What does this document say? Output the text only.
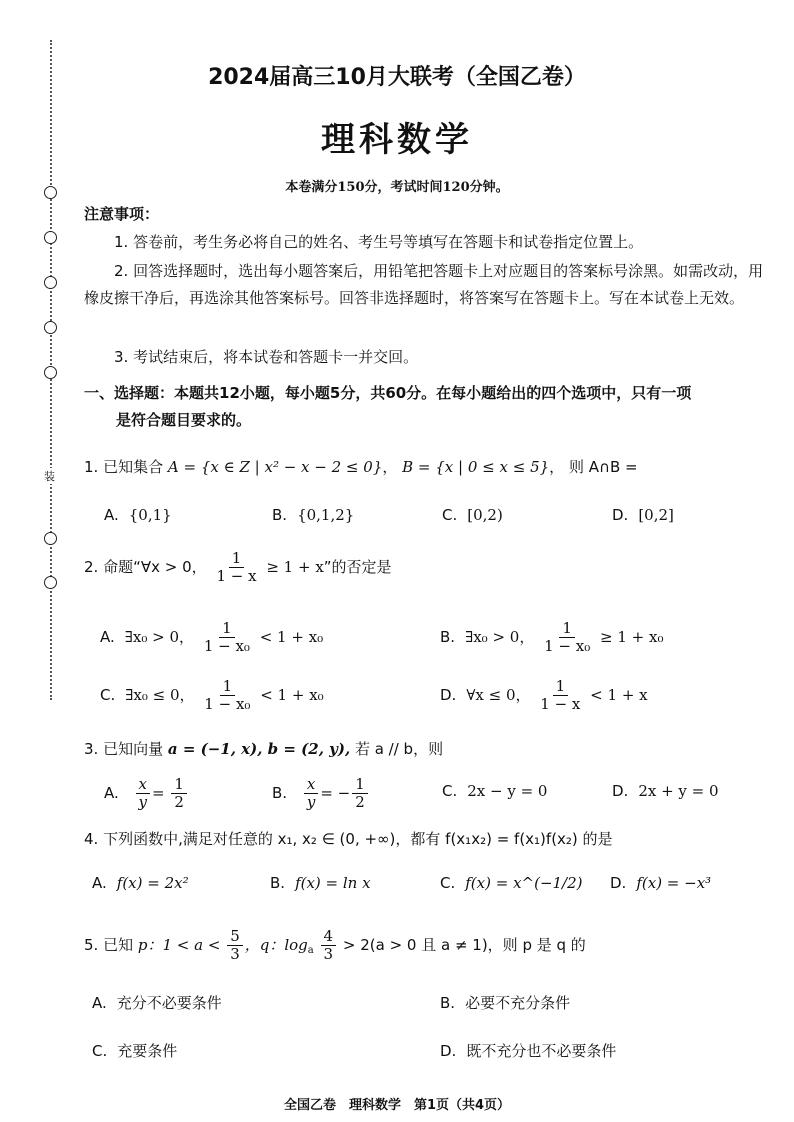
装
2024届高三10月大联考（全国乙卷）
理科数学
本卷满分150分，考试时间120分钟。
注意事项：
1. 答卷前，考生务必将自己的姓名、考生号等填写在答题卡和试卷指定位置上。
2. 回答选择题时，选出每小题答案后，用铅笔把答题卡上对应题目的答案标号涂黑。如需改动，用橡皮擦干净后，再选涂其他答案标号。回答非选择题时，将答案写在答题卡上。写在本试卷上无效。
3. 考试结束后，将本试卷和答题卡一并交回。
一、选择题：本题共12小题，每小题5分，共60分。在每小题给出的四个选项中，只有一项
是符合题目要求的。
1. 已知集合 A = {x ∈ Z | x² − x − 2 ≤ 0}， B = {x | 0 ≤ x ≤ 5}， 则 A∩B =
A. {0,1}	B. {0,1,2}	C. [0,2)	D. [0,2]
2. 命题“∀x > 0， $\frac{1}{1 - x} \ge 1 + x$”的否定是
A. ∃x₀ > 0， $\frac{1}{\text{1 − x₀}} < 1 + x_0$	B. ∃x₀ > 0， $\frac{1}{\text{1 − x₀}} \ge 1 + x_0$
C. ∃x₀ ≤ 0， $\frac{1}{\text{1 − x₀}} < 1 + x_0$	D. ∀x ≤ 0， $\frac{1}{1 - x} < 1 + x$
3. 已知向量 a = (−1, x), b = (2, y), 若 a // b，则
A. $\frac{x}{y} = \frac{1}{2}$	B. $\frac{x}{y}$ = − $\frac{1}{2}$	C. 2x − y = 0	D. 2x + y = 0
4. 下列函数中,满足对任意的 x₁, x₂ ∈ (0, +∞)，都有 f(x₁x₂) = f(x₁)f(x₂) 的是
A. f(x) = 2x²	B. f(x) = ln x	C. f(x) = x^(−1/2) D. f(x) = −x³
5. 已知 p：$1 < a < \frac{5}{3}$ ，q：$\log_a \frac{4}{3} > 2(a > 0$ 且 a ≠ 1)，则 p 是 q 的
A. 充分不必要条件	B. 必要不充分条件
C. 充要条件	D. 既不充分也不必要条件
全国乙卷　理科数学　第1页（共4页）
